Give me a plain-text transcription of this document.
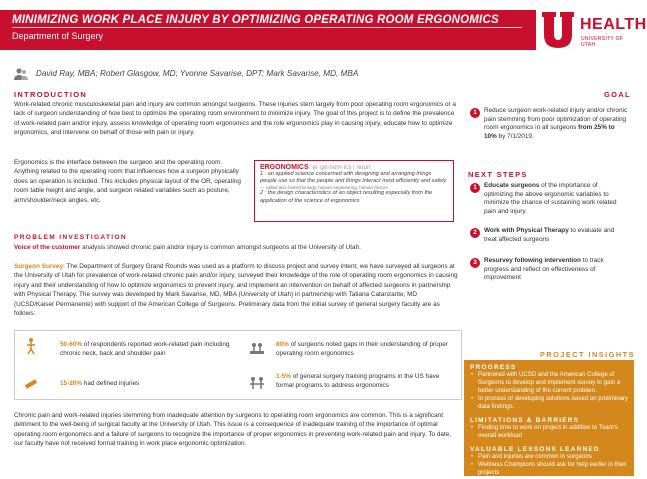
MINIMIZING WORK PLACE INJURY BY OPTIMIZING OPERATING ROOM ERGONOMICS
Department of Surgery
HEALTH
UNIVERSITY OF UTAH
David Ray, MBA; Robert Glasgow, MD; Yvonne Savarise, DPT; Mark Savarise, MD, MBA
INTRODUCTION
Work-related chronic musculoskeletal pain and injury are common amongst surgeons. These injuries stem largely from poor operating room ergonomics or a lack of surgeon understanding of how best to optimize the operating room environment to minimize injury. The goal of this project is to define the prevalence of work-related pain and/or injury, assess knowledge of operating room ergonomics and the role ergonomics play in causing injury, educate how to optimize ergonomics, and intervene on behalf of those with pain or injury.
Ergonomics is the interface between the surgeon and the operating room. Anything related to the operating room that influences how a surgeon physically does an operation is included. This includes physical layout of the OR, operating room table height and angle, and surgeon related variables such as posture, arm/shoulder/neck angles, etc.
ERGONOMICS er·go·nom·ics | noun
1 : an applied science concerned with designing and arranging things people use so that the people and things interact most efficiently and safely
— called also biotechnology, human engineering, human factors
2 : the design characteristics of an object resulting especially from the application of the science of ergonomics
PROBLEM INVESTIGATION
Voice of the customer analysis showed chronic pain and/or injury is common amongst surgeons at the University of Utah.
Surgeon Survey: The Department of Surgery Grand Rounds was used as a platform to discuss project and survey intent, we have surveyed all surgeons at the University of Utah for prevalence of work-related chronic pain and/or injury, surveyed their knowledge of the role of operating room ergonomics in causing injury and their understanding of how to optimize ergonomics to prevent injury, and implement an intervention on behalf of affected surgeons in partnership with Physical Therapy. The survey was developed by Mark Savarise, MD, MBA (University of Utah) in partnership with Tatiana Catanzarite, MD (UCSD/Kaiser Permanente) with support of the American College of Surgeons. Preliminary data from the initial survey of general surgery faculty are as follows:
50-60% of respondents reported work-related pain including chronic neck, back and shoulder pain
15-20% had defined injuries
80% of surgeons noted gaps in their understanding of proper operating room ergonomics
1-5% of general surgery training programs in the US have formal programs to address ergonomics
Chronic pain and work-related injuries stemming from inadequate attention by surgeons to operating room ergonomics are common. This is a significant detriment to the well-being of surgical faculty at the University of Utah. This issue is a consequence of inadequate training of the importance of optimal operating room ergonomics and a failure of surgeons to recognize the importance of proper ergonomics in preventing work-related pain and injury. To date, our faculty have not received formal training in work place ergonomic optimization.
GOAL
1	Reduce surgeon work-related injury and/or chronic pain stemming from poor optimization of operating room ergonomics in all surgeons from 25% to 10% by 7/1/2019.
NEXT STEPS
1	Educate surgeons of the importance of optimizing the above ergonomic variables to minimize the chance of sustaining work related pain and injury.
2	Work with Physical Therapy to evaluate and treat affected surgeons
3	Resurvey following intervention to track progress and reflect on effectiveness of improvement
PROJECT INSIGHTS
PROGRESS
• Partnered with UCSD and the American College of Surgeons to develop and implement survey to gain a better understanding of the current problem.
• In process of developing solutions based on preliminary data findings.
LIMITATIONS & BARRIERS
• Finding time to work on project in addition to Team's overall workload
VALUABLE LESSONS LEARNED
• Pain and injuries are common in surgeons
• Wellness Champions should ask for help earlier in their projects
